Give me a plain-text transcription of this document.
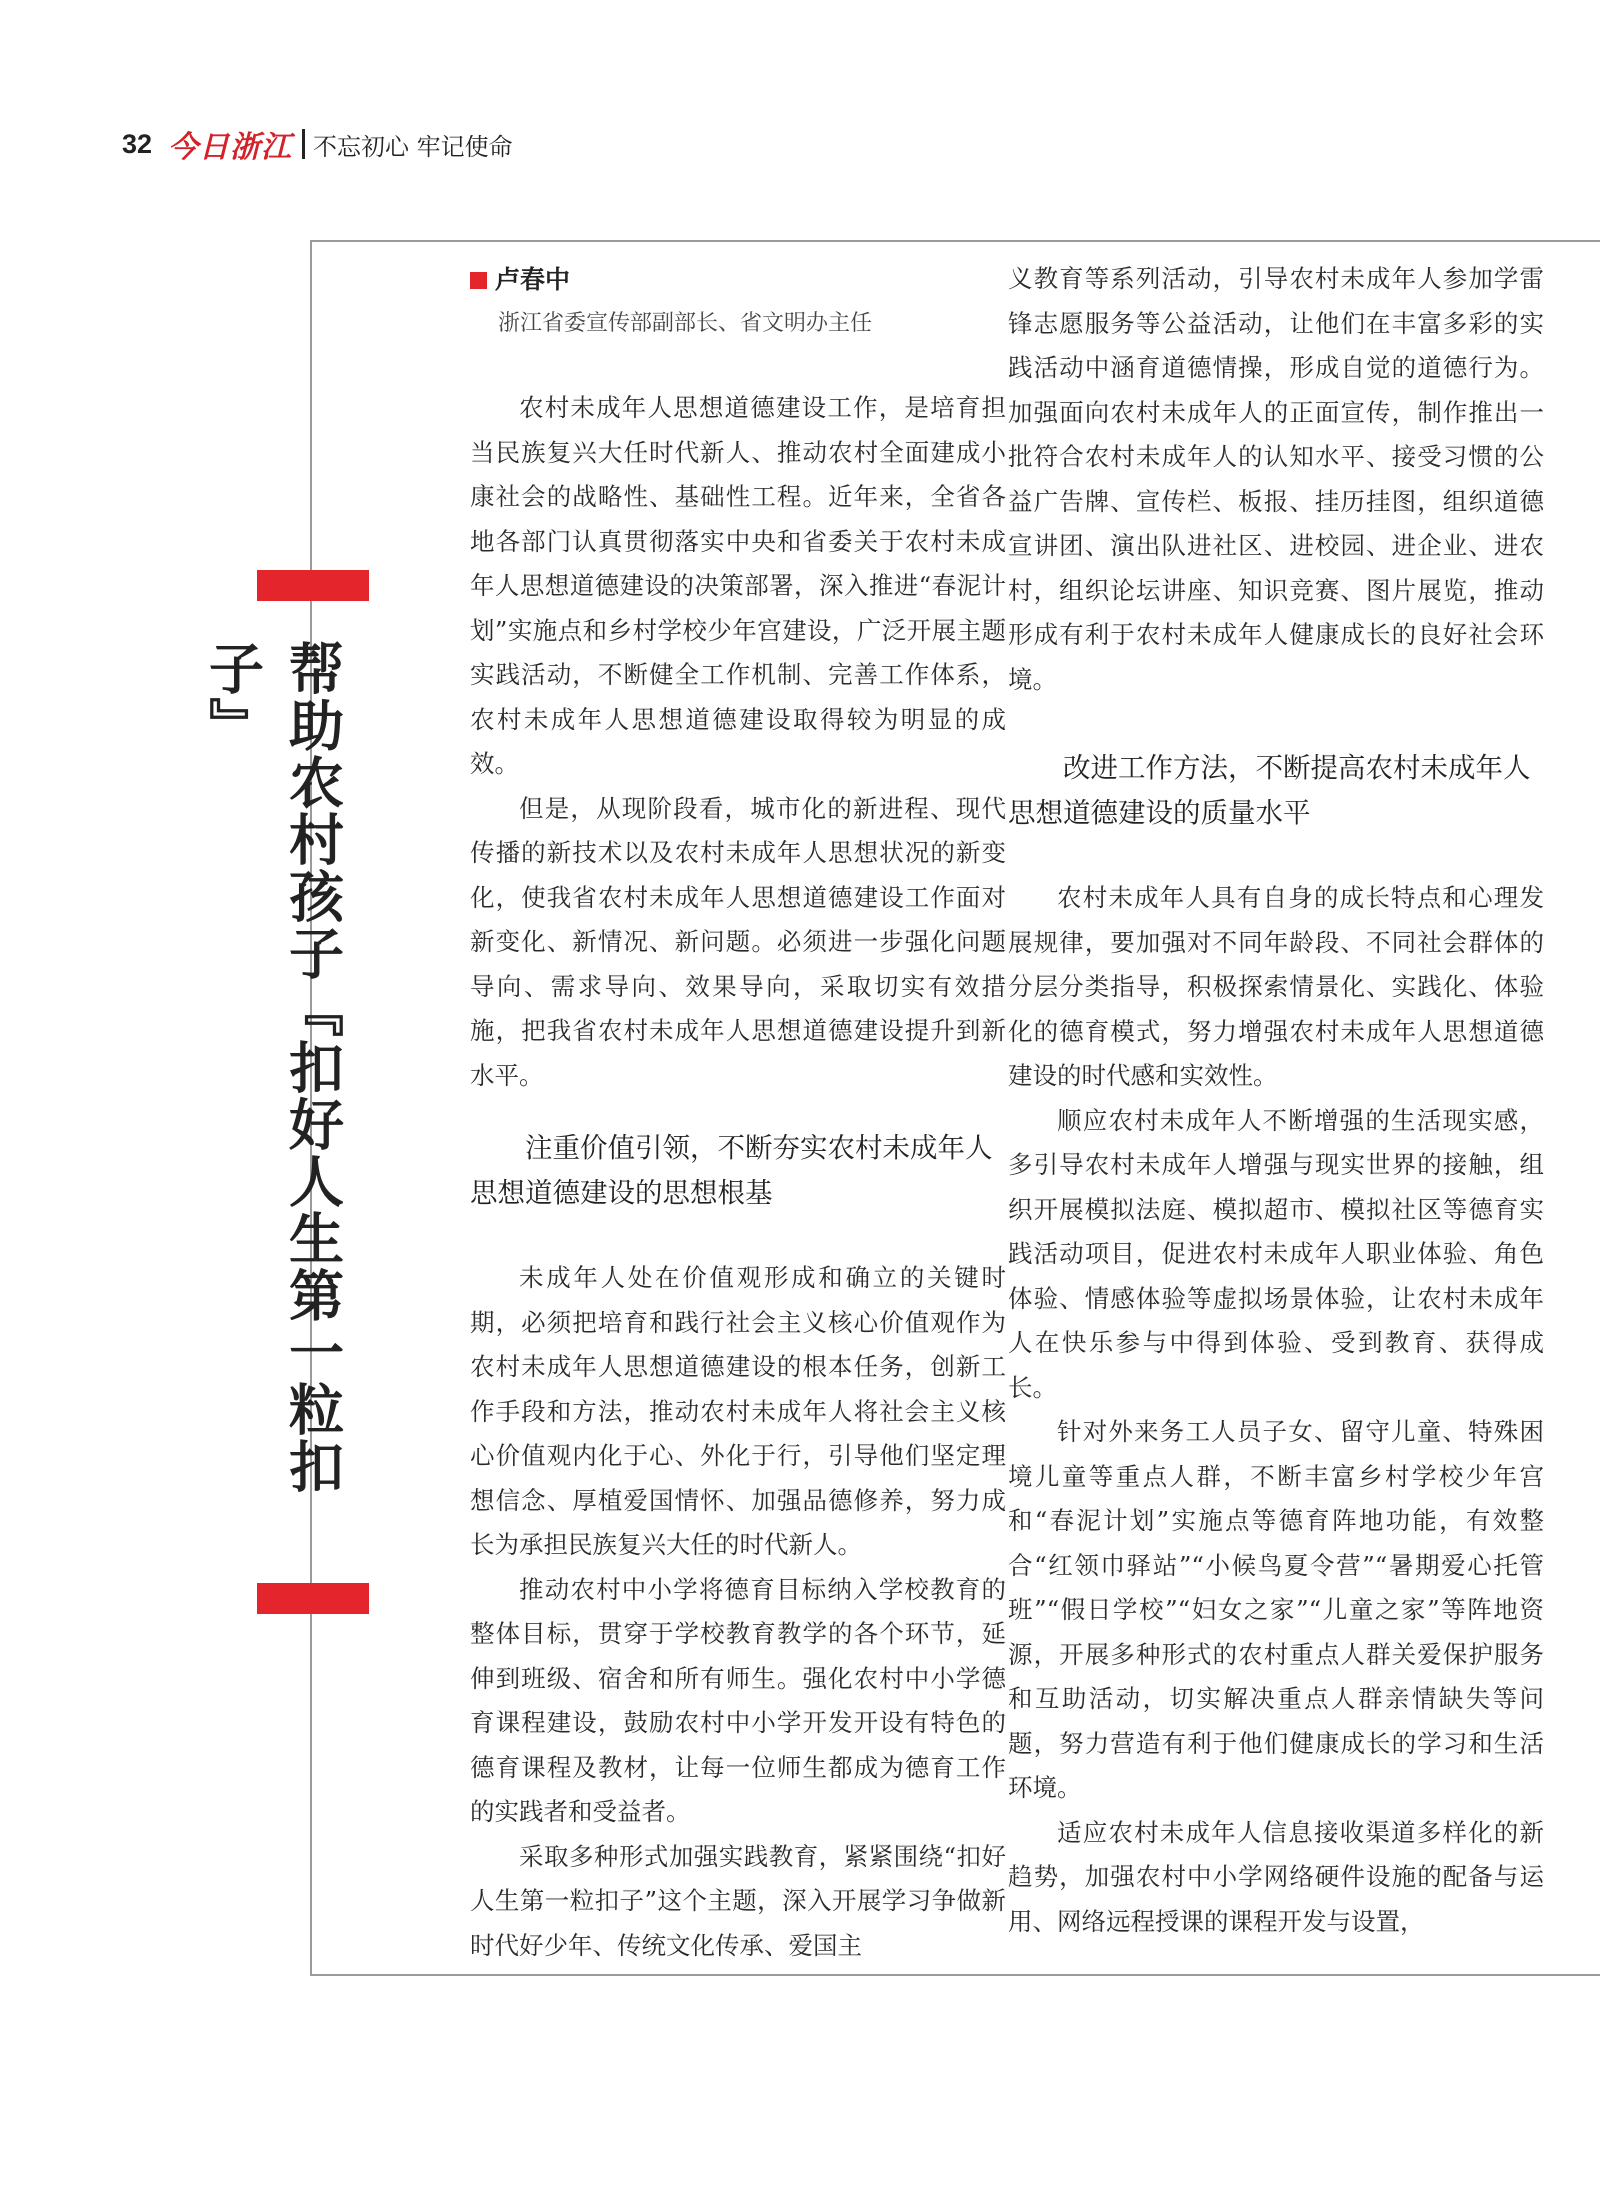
32 今日浙江 不忘初心 牢记使命
帮助农村孩子『扣好人生第一粒扣子』
卢春中
浙江省委宣传部副部长、省文明办主任

农村未成年人思想道德建设工作，是培育担当民族复兴大任时代新人、推动农村全面建成小康社会的战略性、基础性工程。近年来，全省各地各部门认真贯彻落实中央和省委关于农村未成年人思想道德建设的决策部署，深入推进“春泥计划”实施点和乡村学校少年宫建设，广泛开展主题实践活动，不断健全工作机制、完善工作体系，农村未成年人思想道德建设取得较为明显的成效。

但是，从现阶段看，城市化的新进程、现代传播的新技术以及农村未成年人思想状况的新变化，使我省农村未成年人思想道德建设工作面对新变化、新情况、新问题。必须进一步强化问题导向、需求导向、效果导向，采取切实有效措施，把我省农村未成年人思想道德建设提升到新水平。

注重价值引领，不断夯实农村未成年人思想道德建设的思想根基

未成年人处在价值观形成和确立的关键时期，必须把培育和践行社会主义核心价值观作为农村未成年人思想道德建设的根本任务，创新工作手段和方法，推动农村未成年人将社会主义核心价值观内化于心、外化于行，引导他们坚定理想信念、厚植爱国情怀、加强品德修养，努力成长为承担民族复兴大任的时代新人。

推动农村中小学将德育目标纳入学校教育的整体目标，贯穿于学校教育教学的各个环节，延伸到班级、宿舍和所有师生。强化农村中小学德育课程建设，鼓励农村中小学开发开设有特色的德育课程及教材，让每一位师生都成为德育工作的实践者和受益者。

采取多种形式加强实践教育，紧紧围绕“扣好人生第一粒扣子”这个主题，深入开展学习争做新时代好少年、传统文化传承、爱国主

义教育等系列活动，引导农村未成年人参加学雷锋志愿服务等公益活动，让他们在丰富多彩的实践活动中涵育道德情操，形成自觉的道德行为。加强面向农村未成年人的正面宣传，制作推出一批符合农村未成年人的认知水平、接受习惯的公益广告牌、宣传栏、板报、挂历挂图，组织道德宣讲团、演出队进社区、进校园、进企业、进农村，组织论坛讲座、知识竞赛、图片展览，推动形成有利于农村未成年人健康成长的良好社会环境。

改进工作方法，不断提高农村未成年人思想道德建设的质量水平

农村未成年人具有自身的成长特点和心理发展规律，要加强对不同年龄段、不同社会群体的分层分类指导，积极探索情景化、实践化、体验化的德育模式，努力增强农村未成年人思想道德建设的时代感和实效性。

顺应农村未成年人不断增强的生活现实感，多引导农村未成年人增强与现实世界的接触，组织开展模拟法庭、模拟超市、模拟社区等德育实践活动项目，促进农村未成年人职业体验、角色体验、情感体验等虚拟场景体验，让农村未成年人在快乐参与中得到体验、受到教育、获得成长。

针对外来务工人员子女、留守儿童、特殊困境儿童等重点人群，不断丰富乡村学校少年宫和“春泥计划”实施点等德育阵地功能，有效整合“红领巾驿站”“小候鸟夏令营”“暑期爱心托管班”“假日学校”“妇女之家”“儿童之家”等阵地资源，开展多种形式的农村重点人群关爱保护服务和互助活动，切实解决重点人群亲情缺失等问题，努力营造有利于他们健康成长的学习和生活环境。

适应农村未成年人信息接收渠道多样化的新趋势，加强农村中小学网络硬件设施的配备与运用、网络远程授课的课程开发与设置，
